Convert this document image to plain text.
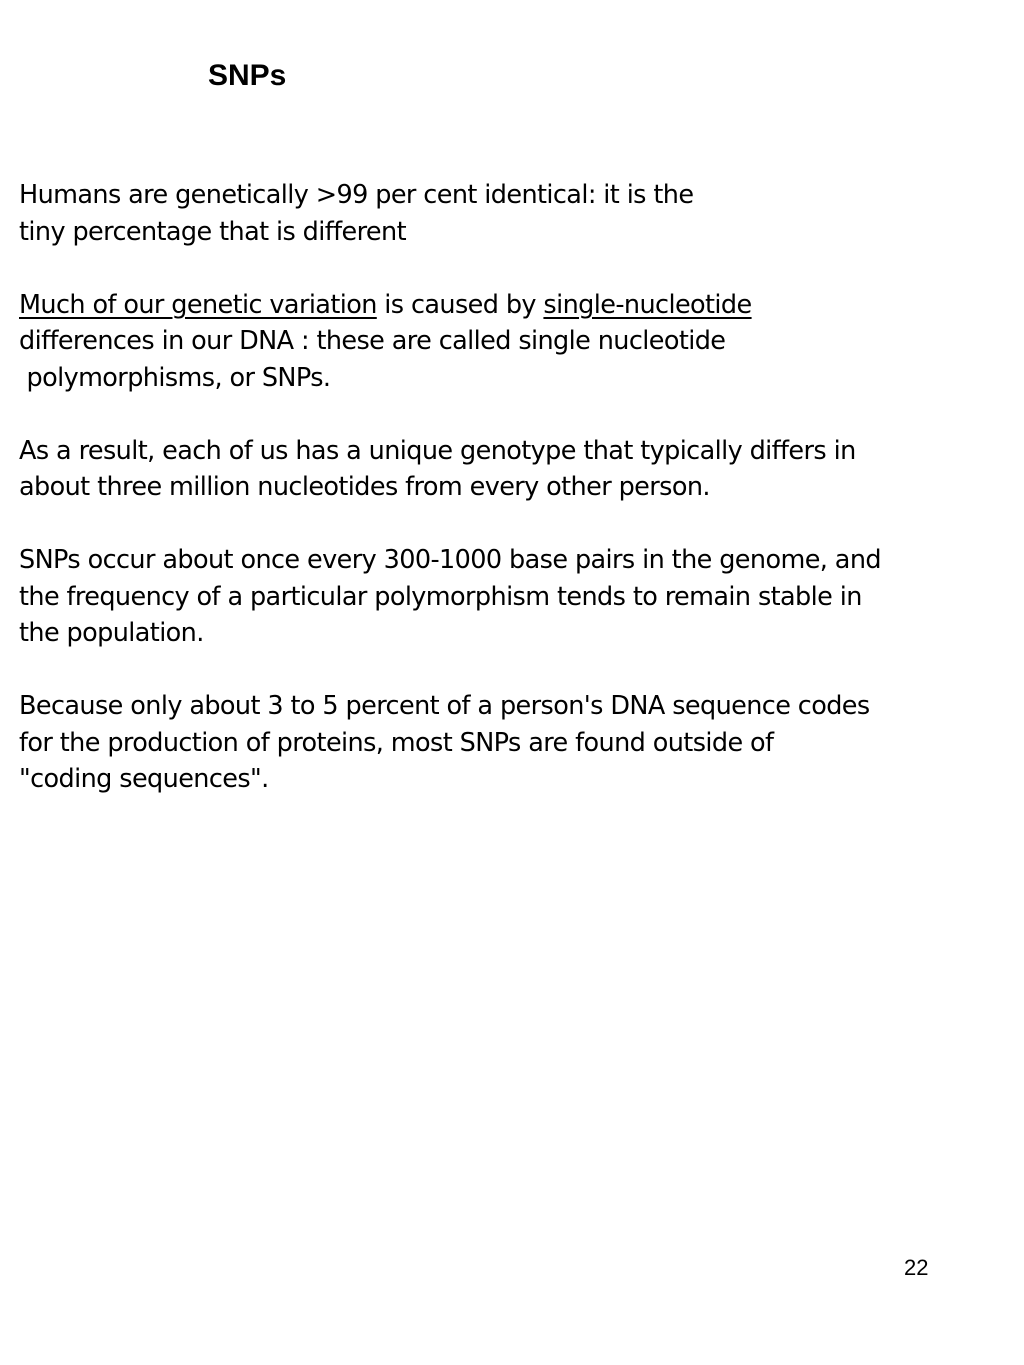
SNPs

Humans are genetically >99 per cent identical: it is the
tiny percentage that is different

Much of our genetic variation is caused by single-nucleotide
differences in our DNA : these are called single nucleotide
polymorphisms, or SNPs.

As a result, each of us has a unique genotype that typically differs in
about three million nucleotides from every other person.

SNPs occur about once every 300-1000 base pairs in the genome, and
the frequency of a particular polymorphism tends to remain stable in
the population.

Because only about 3 to 5 percent of a person's DNA sequence codes
for the production of proteins, most SNPs are found outside of
"coding sequences".

22
